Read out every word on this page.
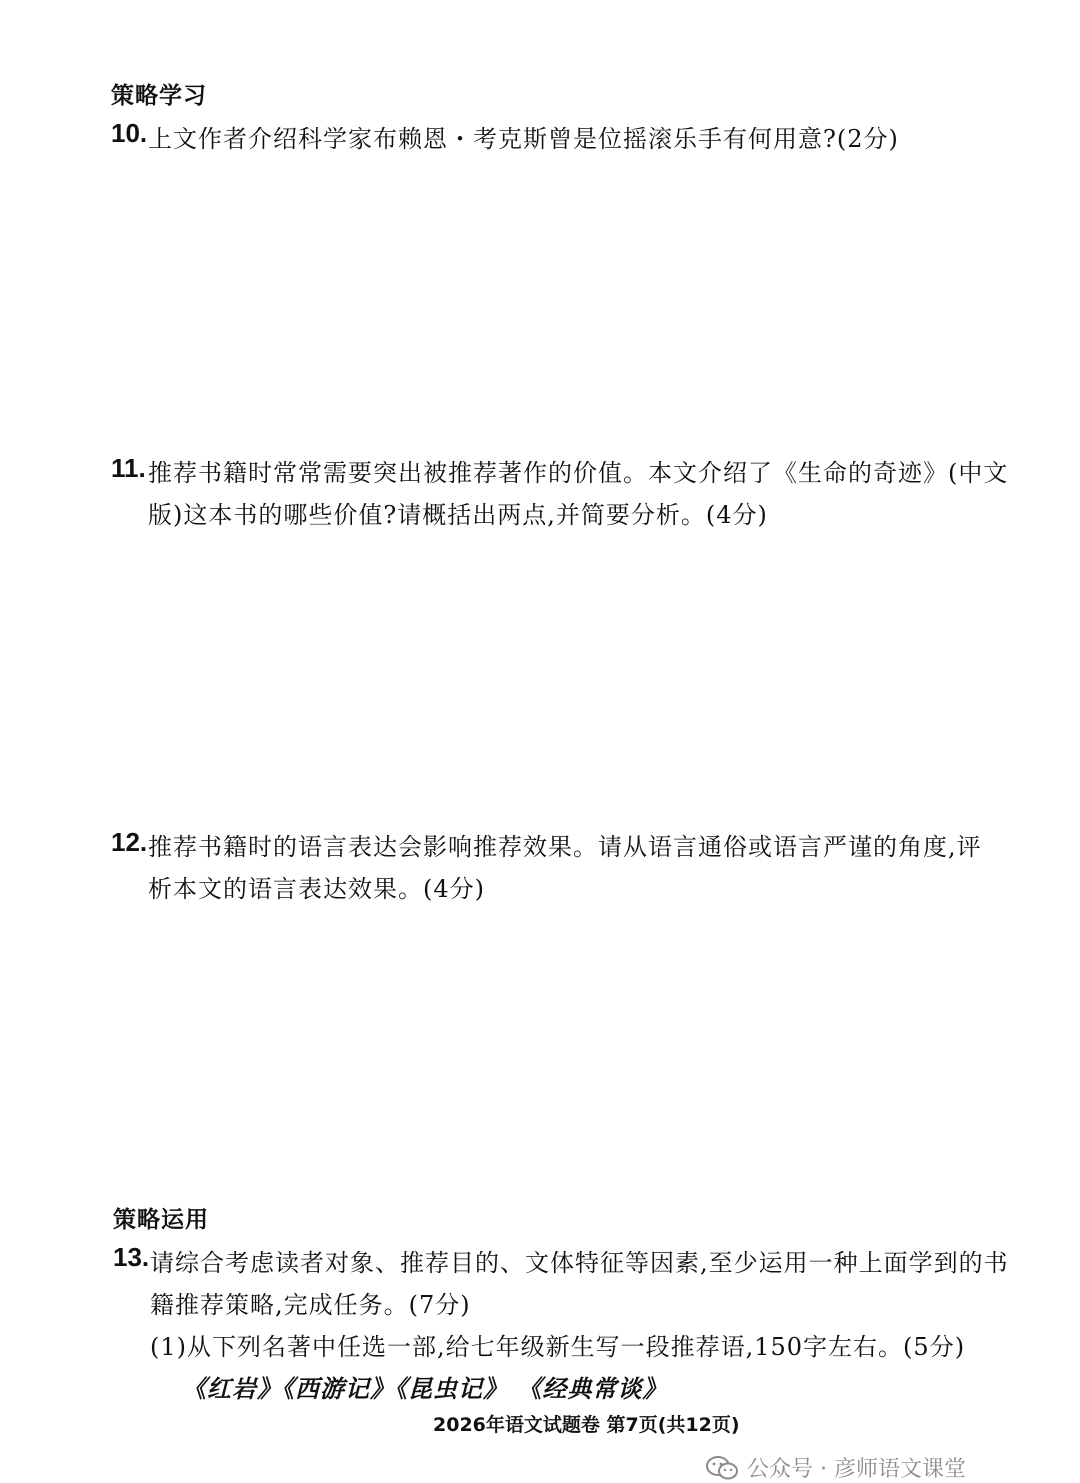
策略学习
10. 上文作者介绍科学家布赖恩・考克斯曾是位摇滚乐手有何用意?(2分)
11. 推荐书籍时常常需要突出被推荐著作的价值。本文介绍了《生命的奇迹》(中文
版)这本书的哪些价值?请概括出两点,并简要分析。(4分)
12. 推荐书籍时的语言表达会影响推荐效果。请从语言通俗或语言严谨的角度,评
析本文的语言表达效果。(4分)
策略运用
13. 请综合考虑读者对象、推荐目的、文体特征等因素,至少运用一种上面学到的书
籍推荐策略,完成任务。(7分)
(1)从下列名著中任选一部,给七年级新生写一段推荐语,150字左右。(5分)
《红岩》《西游记》《昆虫记》 《经典常谈》
2026年语文试题卷 第7页(共12页)
公众号 · 彦师语文课堂
